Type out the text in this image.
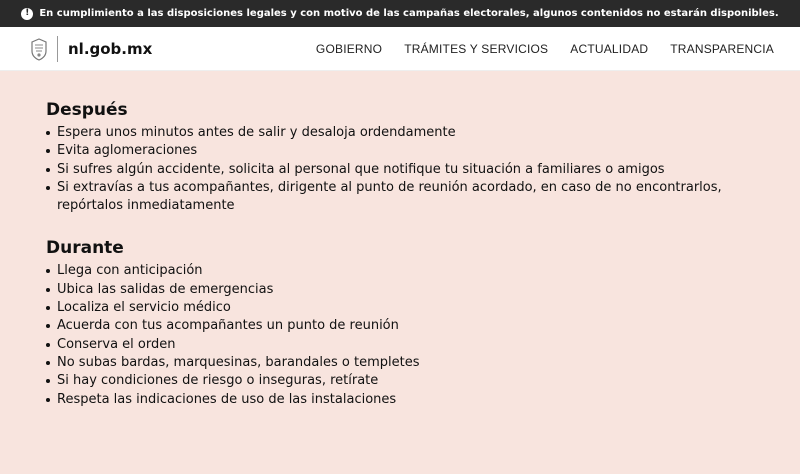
! En cumplimiento a las disposiciones legales y con motivo de las campañas electorales, algunos contenidos no estarán disponibles.
nl.gob.mx	GOBIERNO TRÁMITES Y SERVICIOS ACTUALIDAD TRANSPARENCIA
Después
Espera unos minutos antes de salir y desaloja ordendamente
Evita aglomeraciones
Si sufres algún accidente, solicita al personal que notifique tu situación a familiares o amigos
Si extravías a tus acompañantes, dirigente al punto de reunión acordado, en caso de no encontrarlos, repórtalos inmediatamente
Durante
Llega con anticipación
Ubica las salidas de emergencias
Localiza el servicio médico
Acuerda con tus acompañantes un punto de reunión
Conserva el orden
No subas bardas, marquesinas, barandales o templetes
Si hay condiciones de riesgo o inseguras, retírate
Respeta las indicaciones de uso de las instalaciones
